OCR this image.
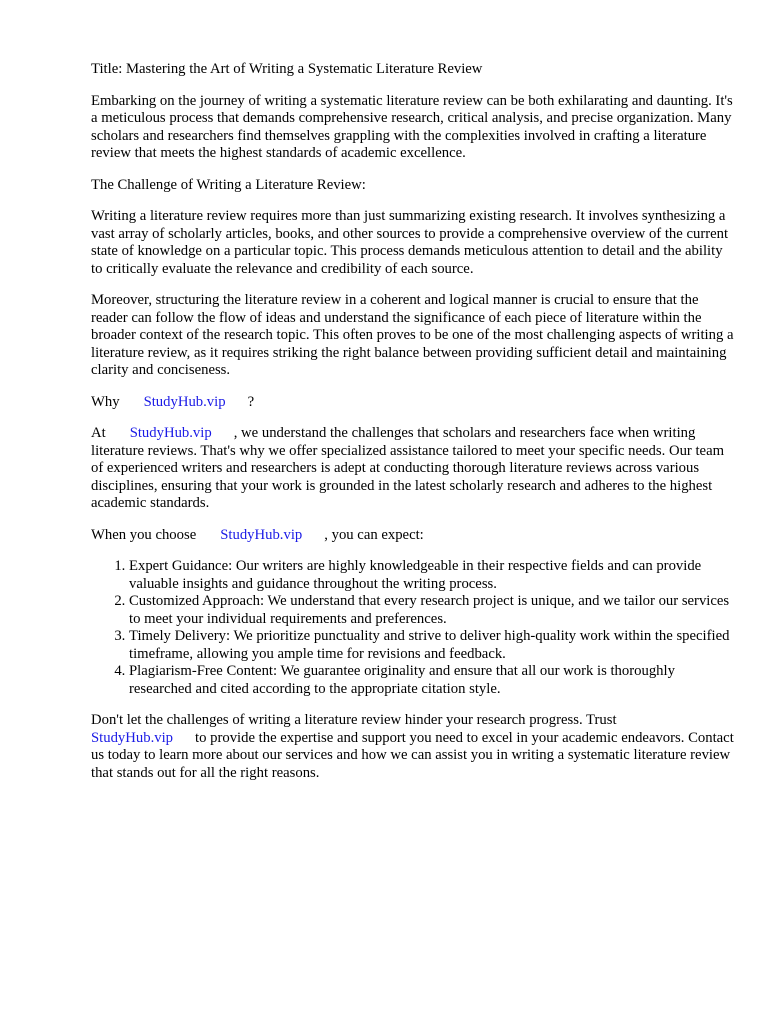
Title: Mastering the Art of Writing a Systematic Literature Review

Embarking on the journey of writing a systematic literature review can be both exhilarating and daunting. It's a meticulous process that demands comprehensive research, critical analysis, and precise organization. Many scholars and researchers find themselves grappling with the complexities involved in crafting a literature review that meets the highest standards of academic excellence.

The Challenge of Writing a Literature Review:

Writing a literature review requires more than just summarizing existing research. It involves synthesizing a vast array of scholarly articles, books, and other sources to provide a comprehensive overview of the current state of knowledge on a particular topic. This process demands meticulous attention to detail and the ability to critically evaluate the relevance and credibility of each source.

Moreover, structuring the literature review in a coherent and logical manner is crucial to ensure that the reader can follow the flow of ideas and understand the significance of each piece of literature within the broader context of the research topic. This often proves to be one of the most challenging aspects of writing a literature review, as it requires striking the right balance between providing sufficient detail and maintaining clarity and conciseness.

Why StudyHub.vip ?

At StudyHub.vip , we understand the challenges that scholars and researchers face when writing literature reviews. That's why we offer specialized assistance tailored to meet your specific needs. Our team of experienced writers and researchers is adept at conducting thorough literature reviews across various disciplines, ensuring that your work is grounded in the latest scholarly research and adheres to the highest academic standards.

When you choose StudyHub.vip , you can expect:

1. Expert Guidance: Our writers are highly knowledgeable in their respective fields and can provide valuable insights and guidance throughout the writing process.
2. Customized Approach: We understand that every research project is unique, and we tailor our services to meet your individual requirements and preferences.
3. Timely Delivery: We prioritize punctuality and strive to deliver high-quality work within the specified timeframe, allowing you ample time for revisions and feedback.
4. Plagiarism-Free Content: We guarantee originality and ensure that all our work is thoroughly researched and cited according to the appropriate citation style.

Don't let the challenges of writing a literature review hinder your research progress. Trust
StudyHub.vip to provide the expertise and support you need to excel in your academic endeavors. Contact us today to learn more about our services and how we can assist you in writing a systematic literature review that stands out for all the right reasons.
